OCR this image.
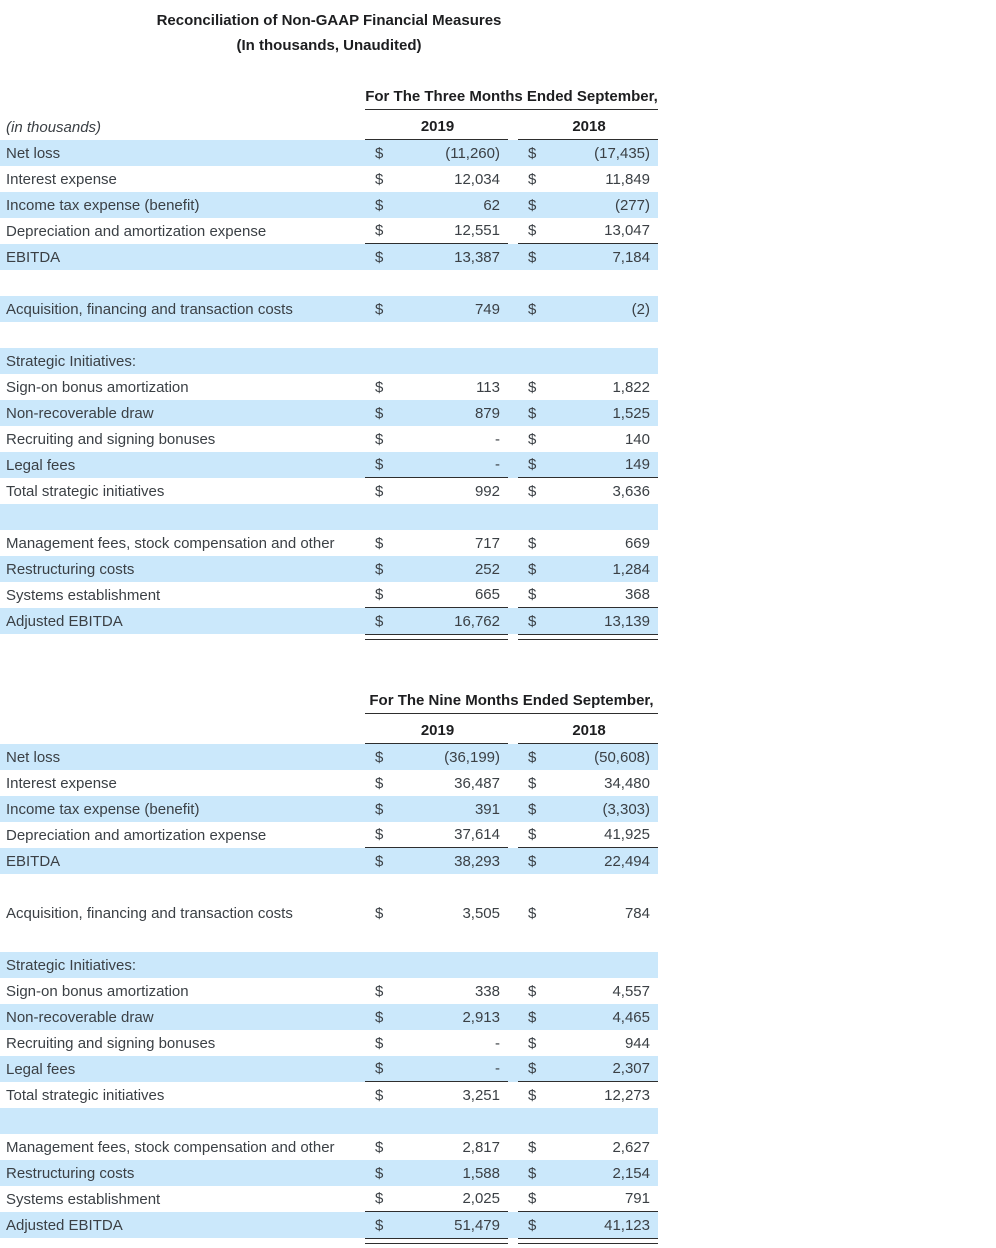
Reconciliation of Non-GAAP Financial Measures
(In thousands, Unaudited)
For The Three Months Ended September,
(in thousands)	2019	2018
Net loss	$	(11,260) $	(17,435)
Interest expense	$	12,034 $	11,849
Income tax expense (benefit)	$	62 $	(277)
Depreciation and amortization expense	$	12,551 $	13,047
EBITDA	$	13,387 $	7,184
Acquisition, financing and transaction costs	$	749 $	(2)
Strategic Initiatives:
Sign-on bonus amortization	$	113 $	1,822
Non-recoverable draw	$	879 $	1,525
Recruiting and signing bonuses	$	- $	140
Legal fees	$	- $	149
Total strategic initiatives	$	992 $	3,636
Management fees, stock compensation and other	$	717 $	669
Restructuring costs	$	252 $	1,284
Systems establishment	$	665 $	368
Adjusted EBITDA	$	16,762 $	13,139
For The Nine Months Ended September,
2019	2018
Net loss	$	(36,199) $	(50,608)
Interest expense	$	36,487 $	34,480
Income tax expense (benefit)	$	391 $	(3,303)
Depreciation and amortization expense	$	37,614 $	41,925
EBITDA	$	38,293 $	22,494
Acquisition, financing and transaction costs	$	3,505 $	784
Strategic Initiatives:
Sign-on bonus amortization	$	338 $	4,557
Non-recoverable draw	$	2,913 $	4,465
Recruiting and signing bonuses	$	- $	944
Legal fees	$	- $	2,307
Total strategic initiatives	$	3,251 $	12,273
Management fees, stock compensation and other	$	2,817 $	2,627
Restructuring costs	$	1,588 $	2,154
Systems establishment	$	2,025 $	791
Adjusted EBITDA	$	51,479 $	41,123
